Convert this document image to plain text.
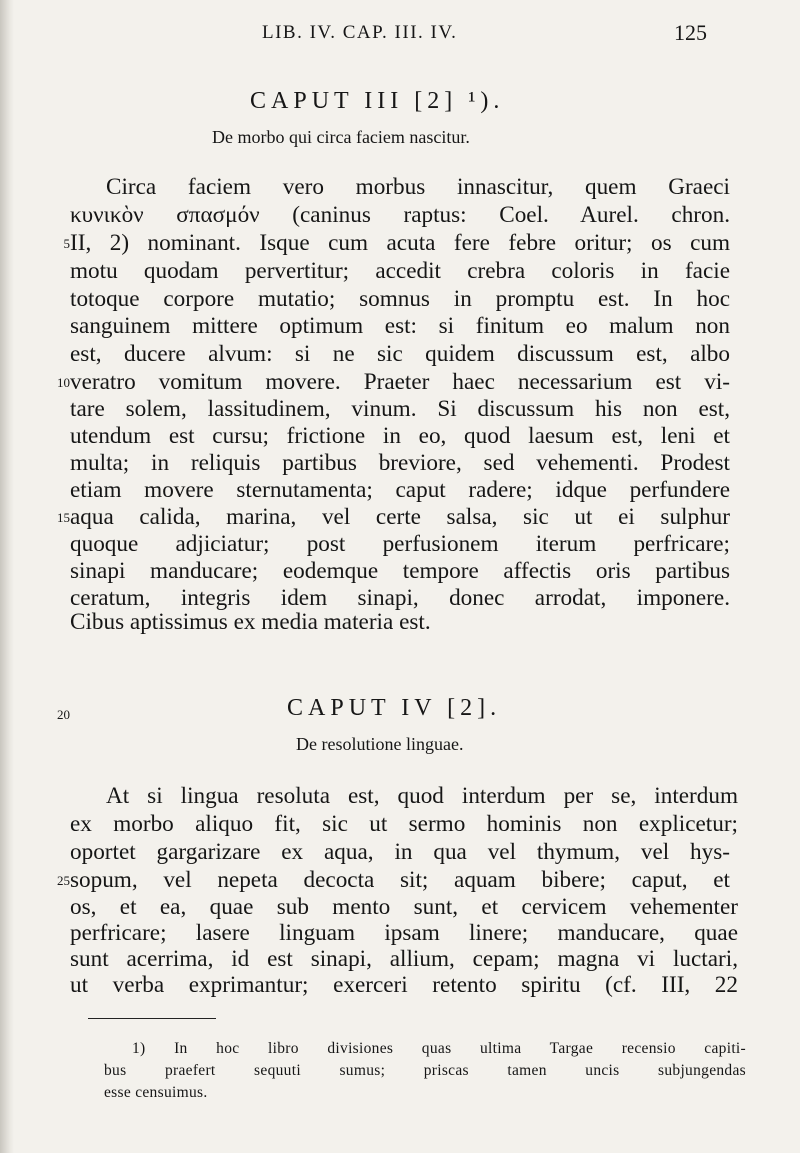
LIB. IV. CAP. III. IV.	125
CAPUT III [2] ¹).
De morbo qui circa faciem nascitur.
Circa faciem vero morbus innascitur, quem Graeci
κυνικὸν σπασμόν (caninus raptus: Coel. Aurel. chron.
II, 2) nominant. Isque cum acuta fere febre oritur; os cum
motu quodam pervertitur; accedit crebra coloris in facie
totoque corpore mutatio; somnus in promptu est. In hoc
sanguinem mittere optimum est: si finitum eo malum non
est, ducere alvum: si ne sic quidem discussum est, albo
veratro vomitum movere. Praeter haec necessarium est vi-
tare solem, lassitudinem, vinum. Si discussum his non est,
utendum est cursu; frictione in eo, quod laesum est, leni et
multa; in reliquis partibus breviore, sed vehementi. Prodest
etiam movere sternutamenta; caput radere; idque perfundere
aqua calida, marina, vel certe salsa, sic ut ei sulphur
quoque adjiciatur; post perfusionem iterum perfricare;
sinapi manducare; eodemque tempore affectis oris partibus
ceratum, integris idem sinapi, donec arrodat, imponere.
Cibus aptissimus ex media materia est.
CAPUT IV [2].
De resolutione linguae.
At si lingua resoluta est, quod interdum per se, interdum
ex morbo aliquo fit, sic ut sermo hominis non explicetur;
oportet gargarizare ex aqua, in qua vel thymum, vel hys-
sopum, vel nepeta decocta sit; aquam bibere; caput, et
os, et ea, quae sub mento sunt, et cervicem vehementer
perfricare; lasere linguam ipsam linere; manducare, quae
sunt acerrima, id est sinapi, allium, cepam; magna vi luctari,
ut verba exprimantur; exerceri retento spiritu (cf. III, 22
5
10
15
20
25
1) In hoc libro divisiones quas ultima Targae recensio capiti-
bus praefert sequuti sumus; priscas tamen uncis subjungendas
esse censuimus.
